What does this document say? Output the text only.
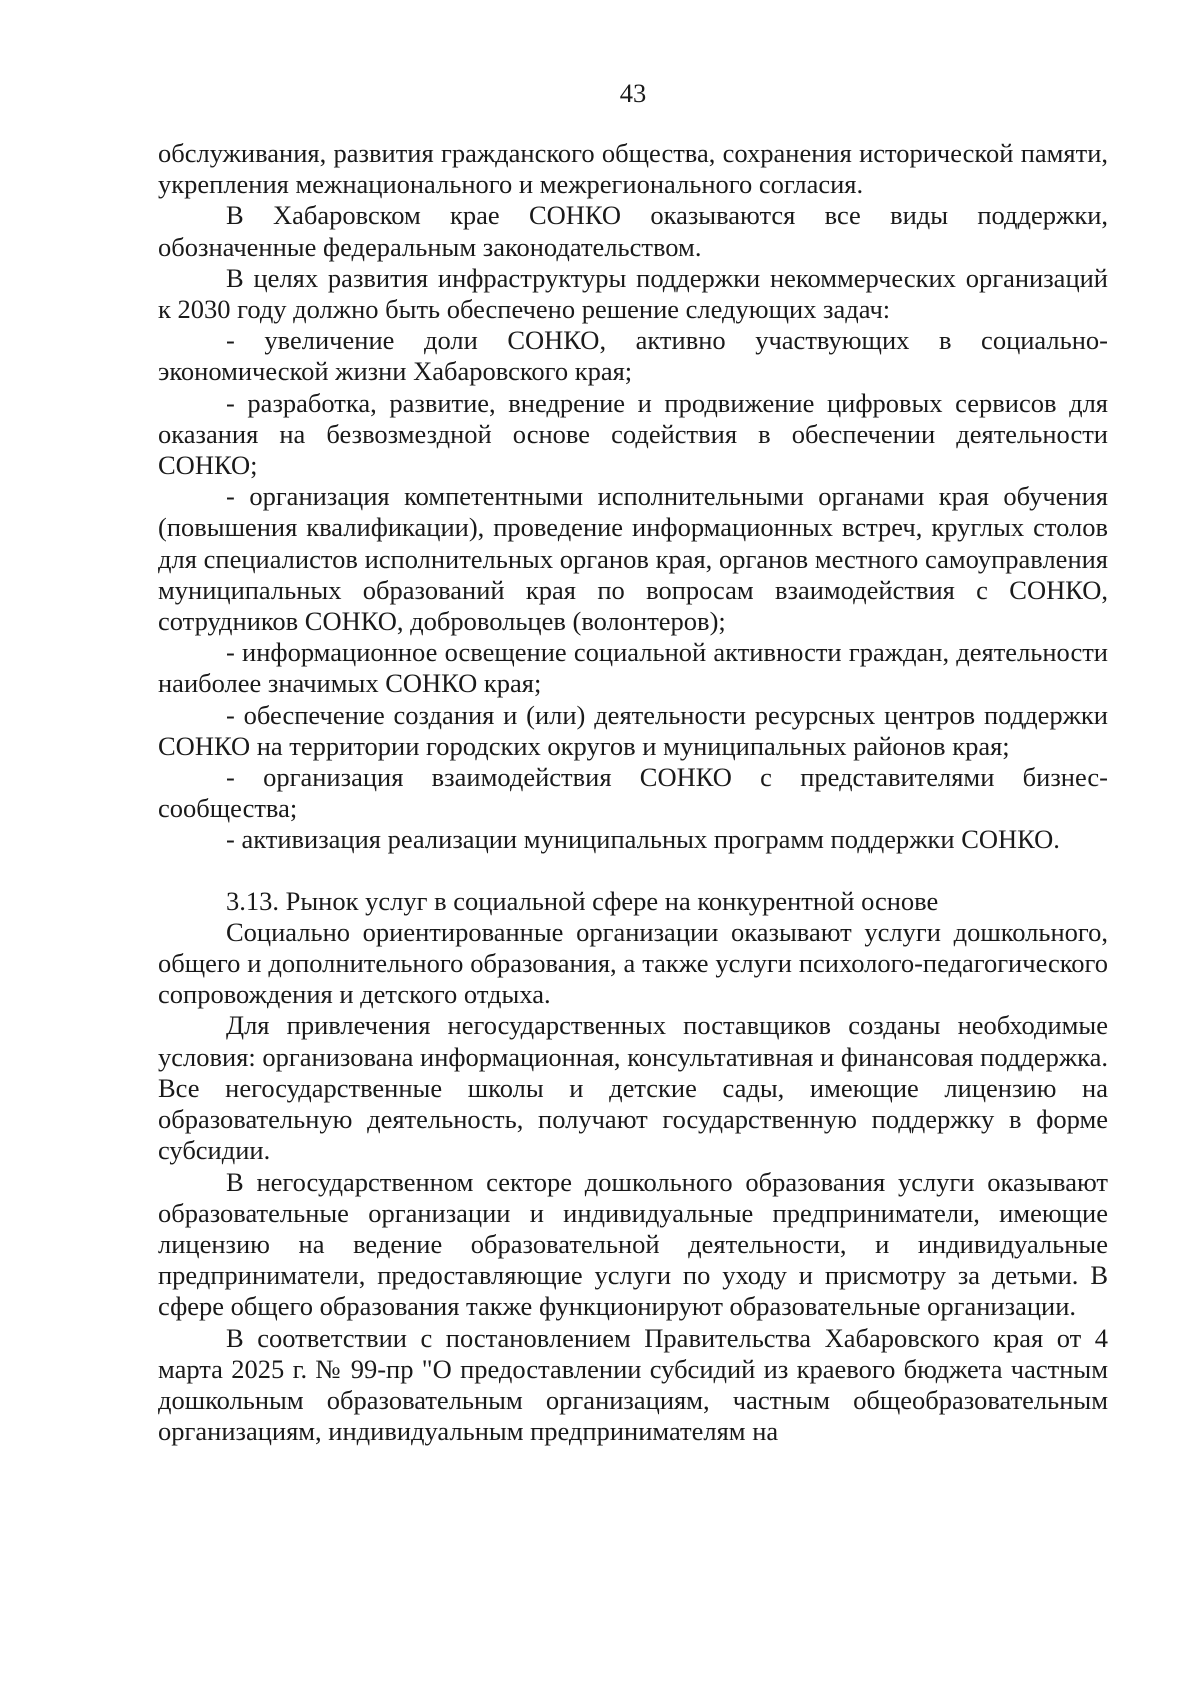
43

обслуживания, развития гражданского общества, сохранения исторической памяти, укрепления межнационального и межрегионального согласия.

В Хабаровском крае СОНКО оказываются все виды поддержки, обозначенные федеральным законодательством.

В целях развития инфраструктуры поддержки некоммерческих организаций к 2030 году должно быть обеспечено решение следующих задач:

- увеличение доли СОНКО, активно участвующих в социально-экономической жизни Хабаровского края;

- разработка, развитие, внедрение и продвижение цифровых сервисов для оказания на безвозмездной основе содействия в обеспечении деятельности СОНКО;

- организация компетентными исполнительными органами края обучения (повышения квалификации), проведение информационных встреч, круглых столов для специалистов исполнительных органов края, органов местного самоуправления муниципальных образований края по вопросам взаимодействия с СОНКО, сотрудников СОНКО, добровольцев (волонтеров);

- информационное освещение социальной активности граждан, деятельности наиболее значимых СОНКО края;

- обеспечение создания и (или) деятельности ресурсных центров поддержки СОНКО на территории городских округов и муниципальных районов края;

- организация взаимодействия СОНКО с представителями бизнес-сообщества;

- активизация реализации муниципальных программ поддержки СОНКО.

3.13. Рынок услуг в социальной сфере на конкурентной основе

Социально ориентированные организации оказывают услуги дошкольного, общего и дополнительного образования, а также услуги психолого-педагогического сопровождения и детского отдыха.

Для привлечения негосударственных поставщиков созданы необходимые условия: организована информационная, консультативная и финансовая поддержка. Все негосударственные школы и детские сады, имеющие лицензию на образовательную деятельность, получают государственную поддержку в форме субсидии.

В негосударственном секторе дошкольного образования услуги оказывают образовательные организации и индивидуальные предприниматели, имеющие лицензию на ведение образовательной деятельности, и индивидуальные предприниматели, предоставляющие услуги по уходу и присмотру за детьми. В сфере общего образования также функционируют образовательные организации.

В соответствии с постановлением Правительства Хабаровского края от 4 марта 2025 г. № 99-пр "О предоставлении субсидий из краевого бюджета частным дошкольным образовательным организациям, частным общеобразовательным организациям, индивидуальным предпринимателям на
